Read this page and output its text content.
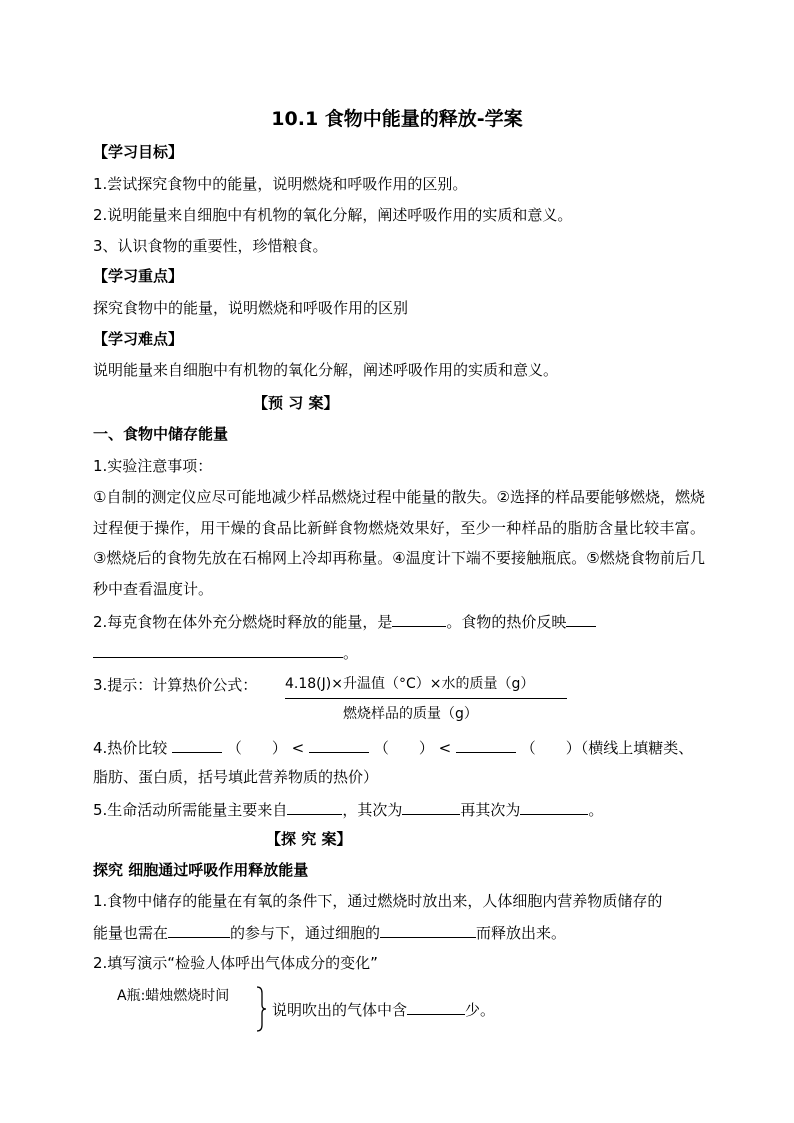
10.1 食物中能量的释放-学案
【学习目标】
1.尝试探究食物中的能量，说明燃烧和呼吸作用的区别。
2.说明能量来自细胞中有机物的氧化分解，阐述呼吸作用的实质和意义。
3、认识食物的重要性，珍惜粮食。
【学习重点】
探究食物中的能量，说明燃烧和呼吸作用的区别
【学习难点】
说明能量来自细胞中有机物的氧化分解，阐述呼吸作用的实质和意义。
【预 习 案】
一、食物中储存能量
1.实验注意事项：
①自制的测定仪应尽可能地减少样品燃烧过程中能量的散失。②选择的样品要能够燃烧，燃烧过程便于操作，用干燥的食品比新鲜食物燃烧效果好，至少一种样品的脂肪含量比较丰富。③燃烧后的食物先放在石棉网上冷却再称量。④温度计下端不要接触瓶底。⑤燃烧食物前后几秒中查看温度计。
2.每克食物在体外充分燃烧时释放的能量，是	。食物的热价反映
。
3.提示：计算热价公式： 4.18(J)×升温值（°C）×水的质量（g）
燃烧样品的质量（g）
4.热价比较	（　　） <	（　　） <	（　　）（横线上填糖类、
脂肪、蛋白质，括号填此营养物质的热价）
5.生命活动所需能量主要来自	，其次为	再其次为	。
【探 究 案】
探究 细胞通过呼吸作用释放能量
1.食物中储存的能量在有氧的条件下，通过燃烧时放出来，人体细胞内营养物质储存的
能量也需在	的参与下，通过细胞的	而释放出来。
2.填写演示“检验人体呼出气体成分的变化”
A瓶:蜡烛燃烧时间
说明吹出的气体中含	少。
